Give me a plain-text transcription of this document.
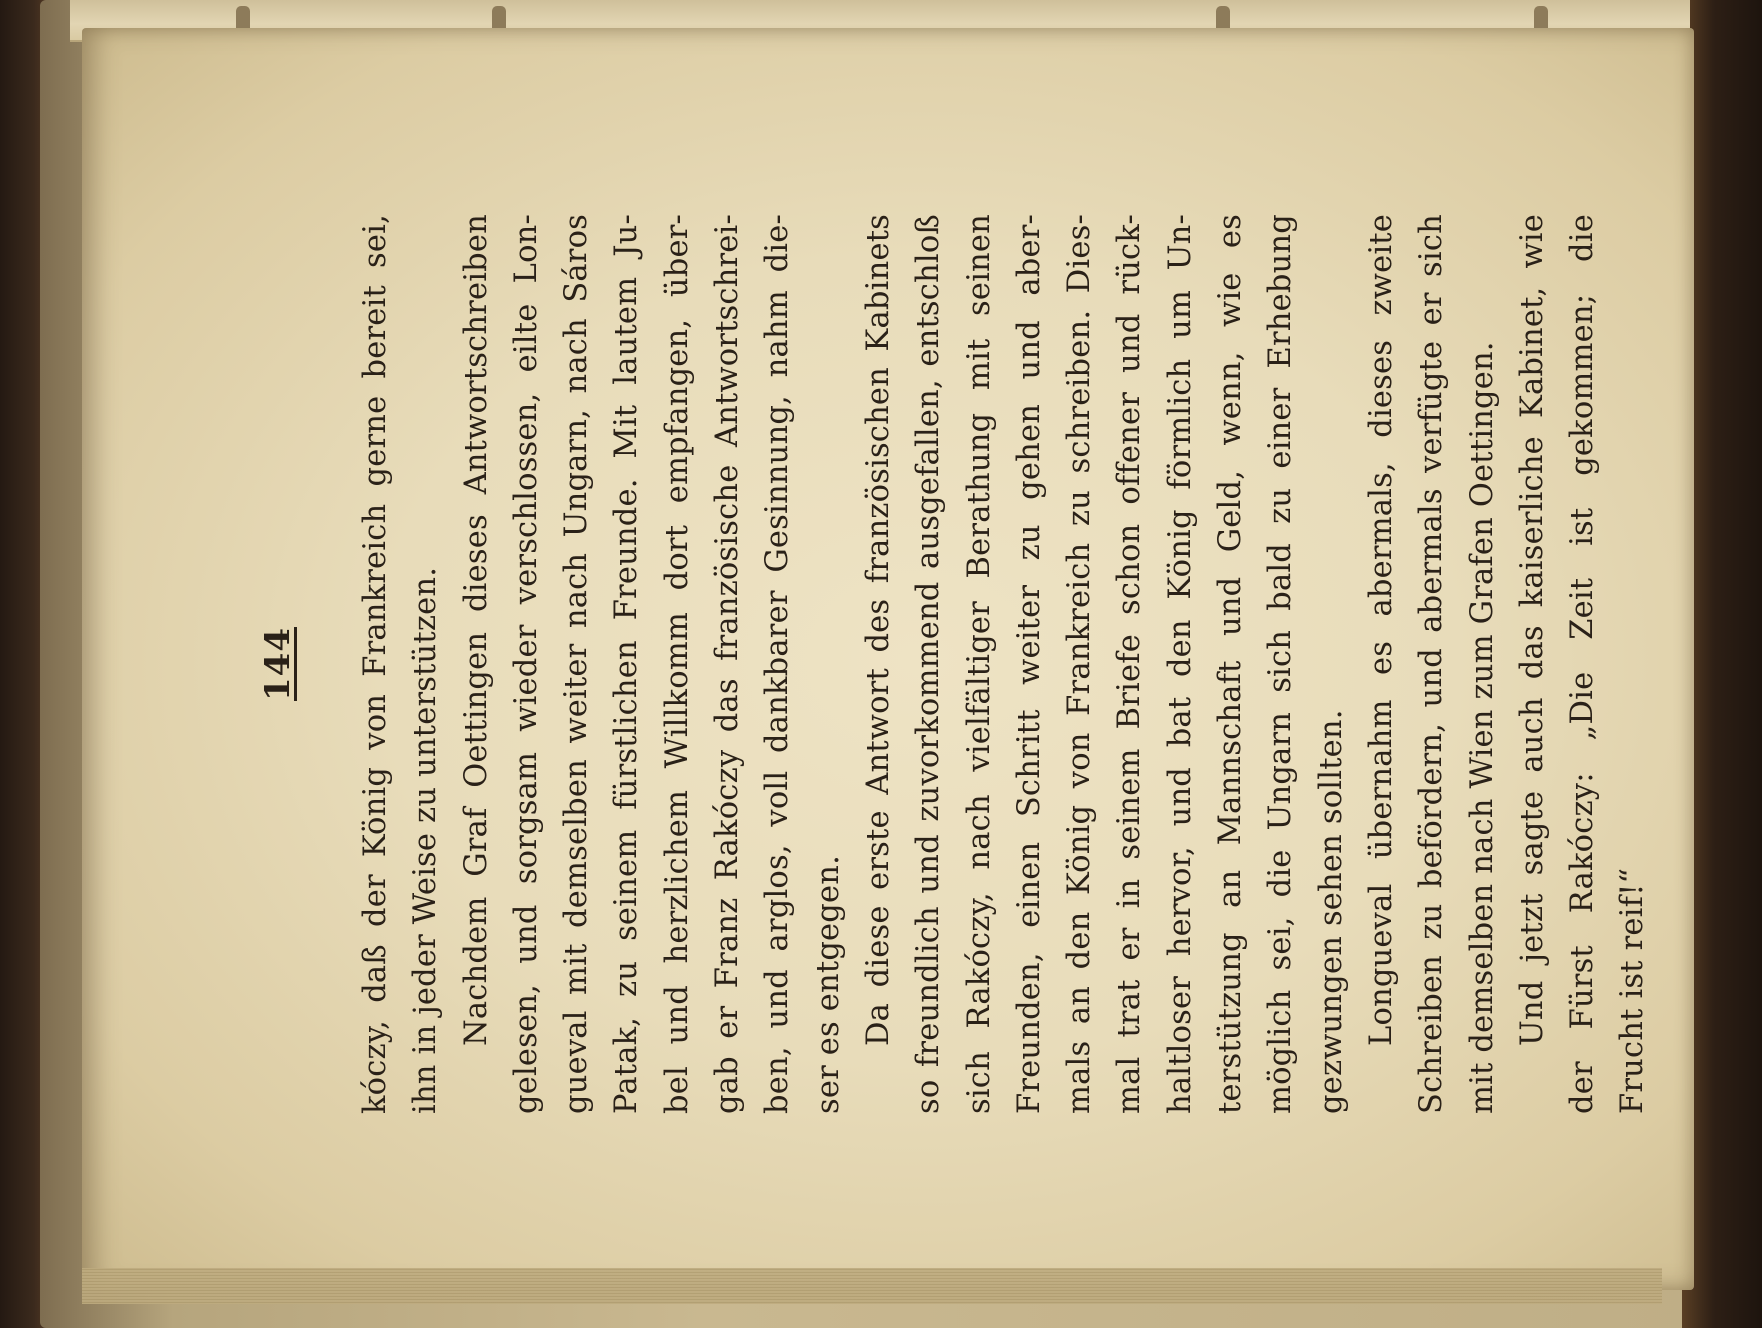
144 kóczy, daß der König von Frankreich gerne bereit sei, ihn in jeder Weise zu unterstützen. Nachdem Graf Oettingen dieses Antwortschreiben gelesen, und sorgsam wieder verschlossen, eilte Lon- gueval mit demselben weiter nach Ungarn, nach Sáros Patak, zu seinem fürstlichen Freunde. Mit lautem Ju- bel und herzlichem Willkomm dort empfangen, über- gab er Franz Rakóczy das französische Antwortschrei- ben, und arglos, voll dankbarer Gesinnung, nahm die- ser es entgegen. Da diese erste Antwort des französischen Kabinets so freundlich und zuvorkommend ausgefallen, entschloß sich Rakóczy, nach vielfältiger Berathung mit seinen Freunden, einen Schritt weiter zu gehen und aber- mals an den König von Frankreich zu schreiben. Dies- mal trat er in seinem Briefe schon offener und rück- haltloser hervor, und bat den König förmlich um Un- terstützung an Mannschaft und Geld, wenn, wie es möglich sei, die Ungarn sich bald zu einer Erhebung gezwungen sehen sollten. Longueval übernahm es abermals, dieses zweite Schreiben zu befördern, und abermals verfügte er sich mit demselben nach Wien zum Grafen Oettingen. Und jetzt sagte auch das kaiserliche Kabinet, wie der Fürst Rakóczy: „Die Zeit ist gekommen; die Frucht ist reif!“
